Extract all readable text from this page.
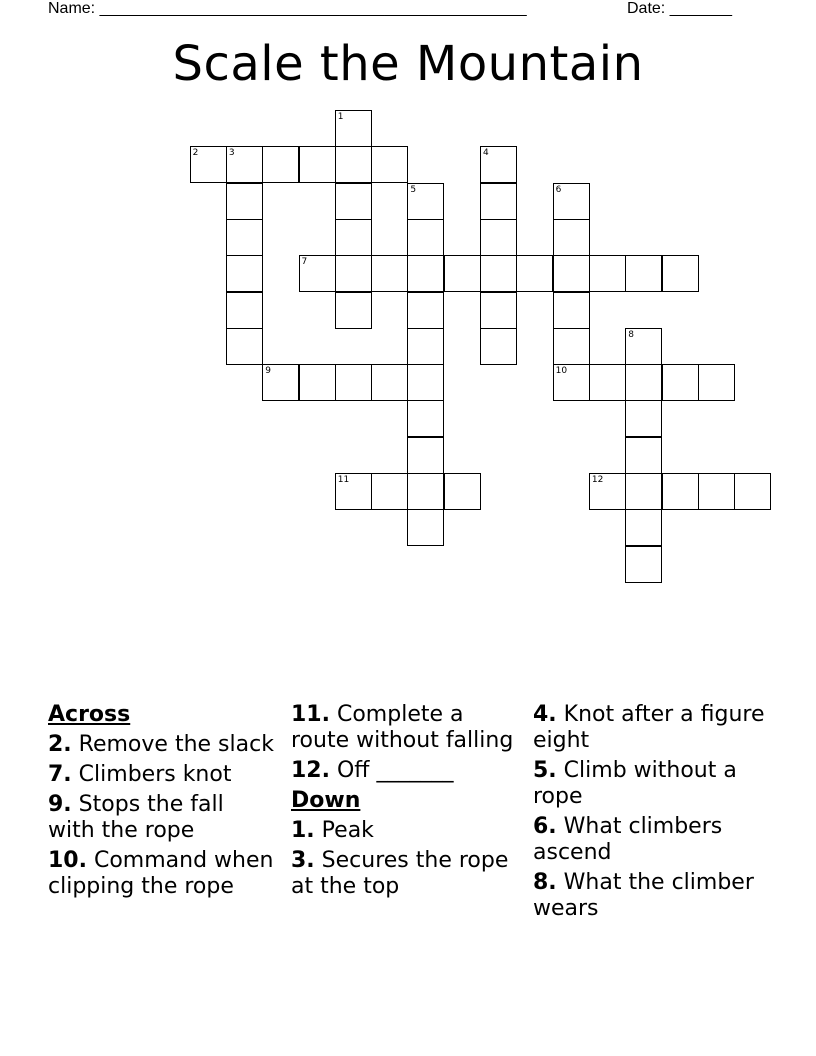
Name: ________________________________________________	Date: _______
Scale the Mountain
1
2	3	4
5	6
10
7
8
9
11	12
Across
2. Remove the slack
7. Climbers knot
9. Stops the fall with the rope
10. Command when clipping the rope
11. Complete a route without falling
12. Off _______
Down
1. Peak
3. Secures the rope at the top
4. Knot after a figure eight
5. Climb without a rope
6. What climbers ascend
8. What the climber wears
